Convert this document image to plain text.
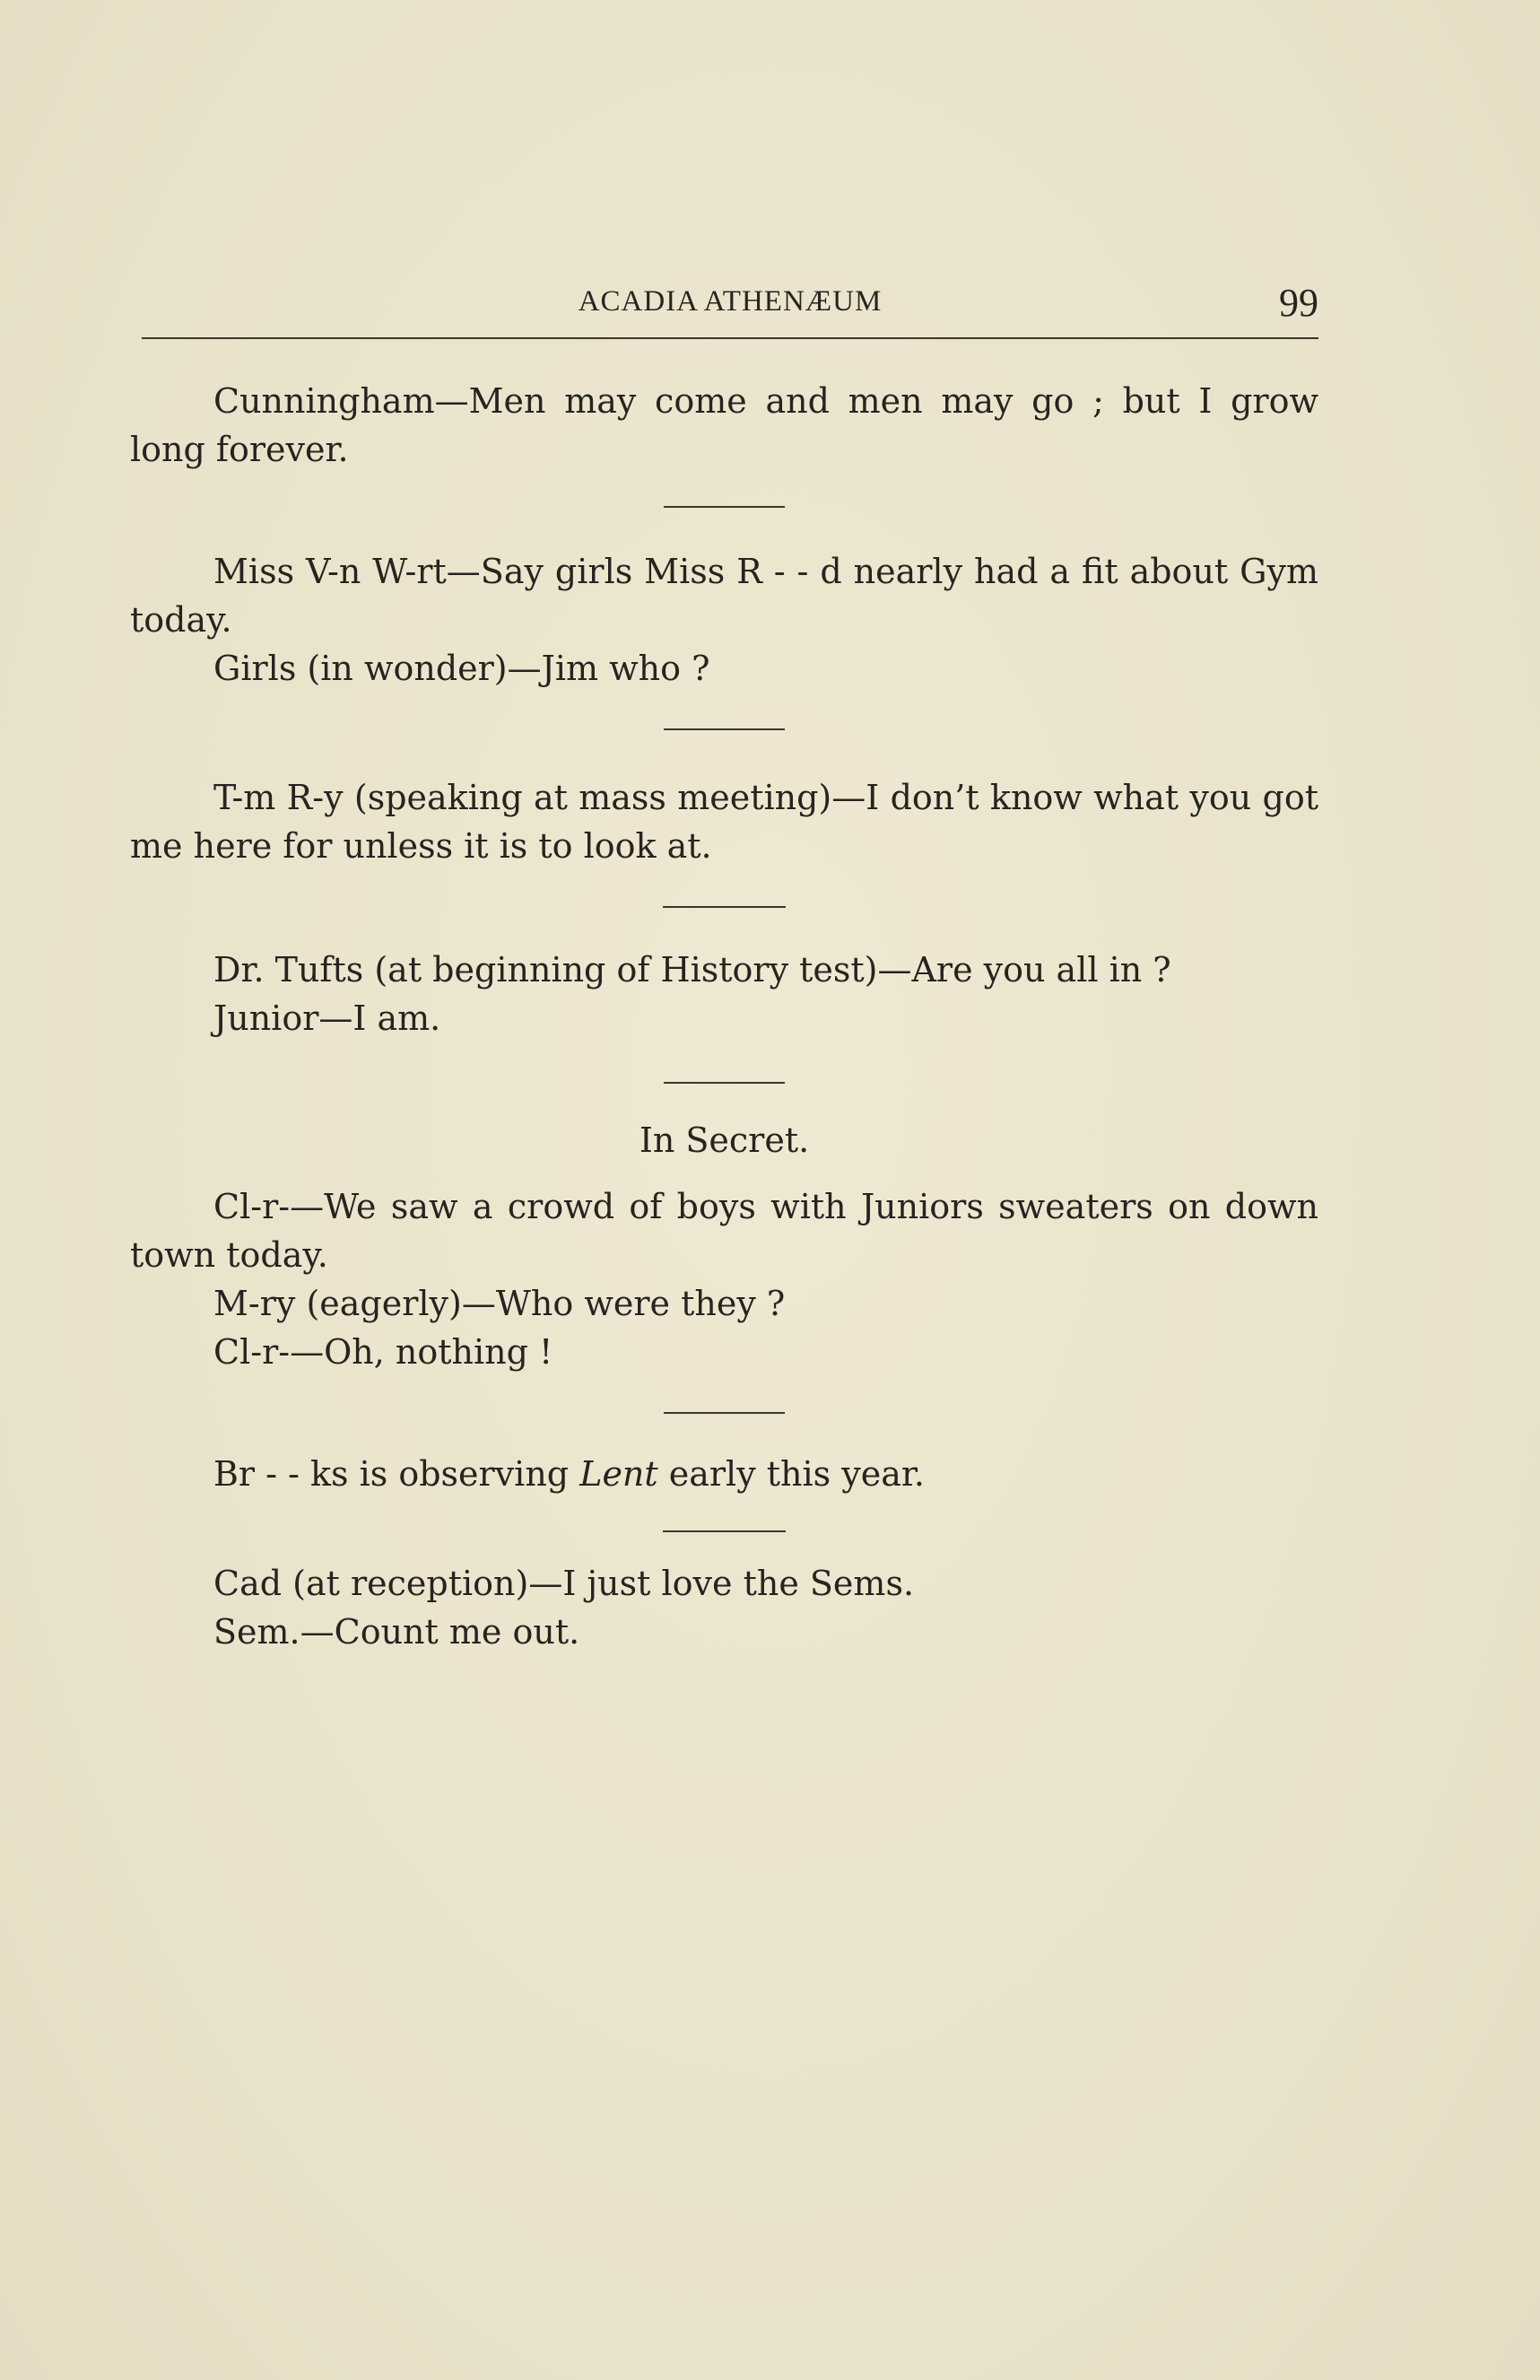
ACADIA ATHENÆUM	99

Cunningham—Men may come and men may go ; but I grow long forever.

Miss V-n W-rt—Say girls Miss R - - d nearly had a fit about Gym today.

Girls (in wonder)—Jim who ?

T-m R-y (speaking at mass meeting)—I don’t know what you got me here for unless it is to look at.

Dr. Tufts (at beginning of History test)—Are you all in ?

Junior—I am.

In Secret.

Cl-r-—We saw a crowd of boys with Juniors sweaters on down town today.

M-ry (eagerly)—Who were they ?

Cl-r-—Oh, nothing !

Br - - ks is observing Lent early this year.

Cad (at reception)—I just love the Sems.

Sem.—Count me out.
